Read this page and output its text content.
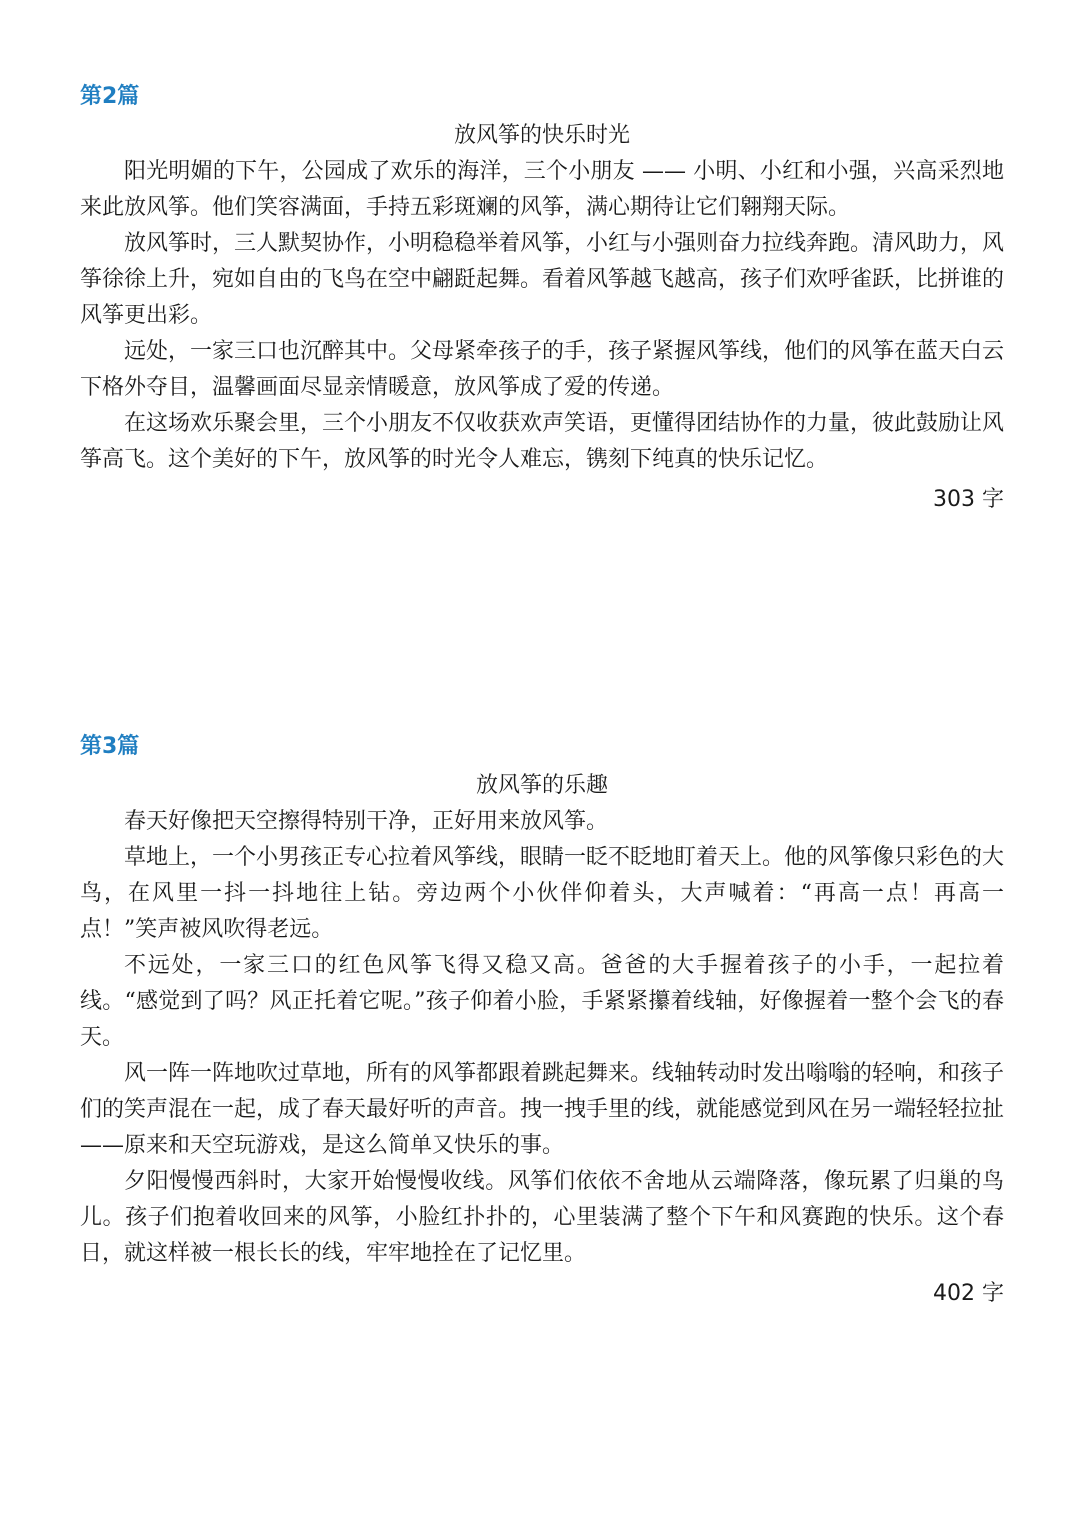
第2篇
放风筝的快乐时光

阳光明媚的下午，公园成了欢乐的海洋，三个小朋友 —— 小明、小红和小强，兴高采烈地来此放风筝。他们笑容满面，手持五彩斑斓的风筝，满心期待让它们翱翔天际。

放风筝时，三人默契协作，小明稳稳举着风筝，小红与小强则奋力拉线奔跑。清风助力，风筝徐徐上升，宛如自由的飞鸟在空中翩跹起舞。看着风筝越飞越高，孩子们欢呼雀跃，比拼谁的风筝更出彩。

远处，一家三口也沉醉其中。父母紧牵孩子的手，孩子紧握风筝线，他们的风筝在蓝天白云下格外夺目，温馨画面尽显亲情暖意，放风筝成了爱的传递。

在这场欢乐聚会里，三个小朋友不仅收获欢声笑语，更懂得团结协作的力量，彼此鼓励让风筝高飞。这个美好的下午，放风筝的时光令人难忘，镌刻下纯真的快乐记忆。

303 字
第3篇
放风筝的乐趣

春天好像把天空擦得特别干净，正好用来放风筝。

草地上，一个小男孩正专心拉着风筝线，眼睛一眨不眨地盯着天上。他的风筝像只彩色的大鸟，在风里一抖一抖地往上钻。旁边两个小伙伴仰着头，大声喊着：“再高一点！再高一点！”笑声被风吹得老远。

不远处，一家三口的红色风筝飞得又稳又高。爸爸的大手握着孩子的小手，一起拉着线。“感觉到了吗？风正托着它呢。”孩子仰着小脸，手紧紧攥着线轴，好像握着一整个会飞的春天。

风一阵一阵地吹过草地，所有的风筝都跟着跳起舞来。线轴转动时发出嗡嗡的轻响，和孩子们的笑声混在一起，成了春天最好听的声音。拽一拽手里的线，就能感觉到风在另一端轻轻拉扯——原来和天空玩游戏，是这么简单又快乐的事。

夕阳慢慢西斜时，大家开始慢慢收线。风筝们依依不舍地从云端降落，像玩累了归巢的鸟儿。孩子们抱着收回来的风筝，小脸红扑扑的，心里装满了整个下午和风赛跑的快乐。这个春日，就这样被一根长长的线，牢牢地拴在了记忆里。

402 字
